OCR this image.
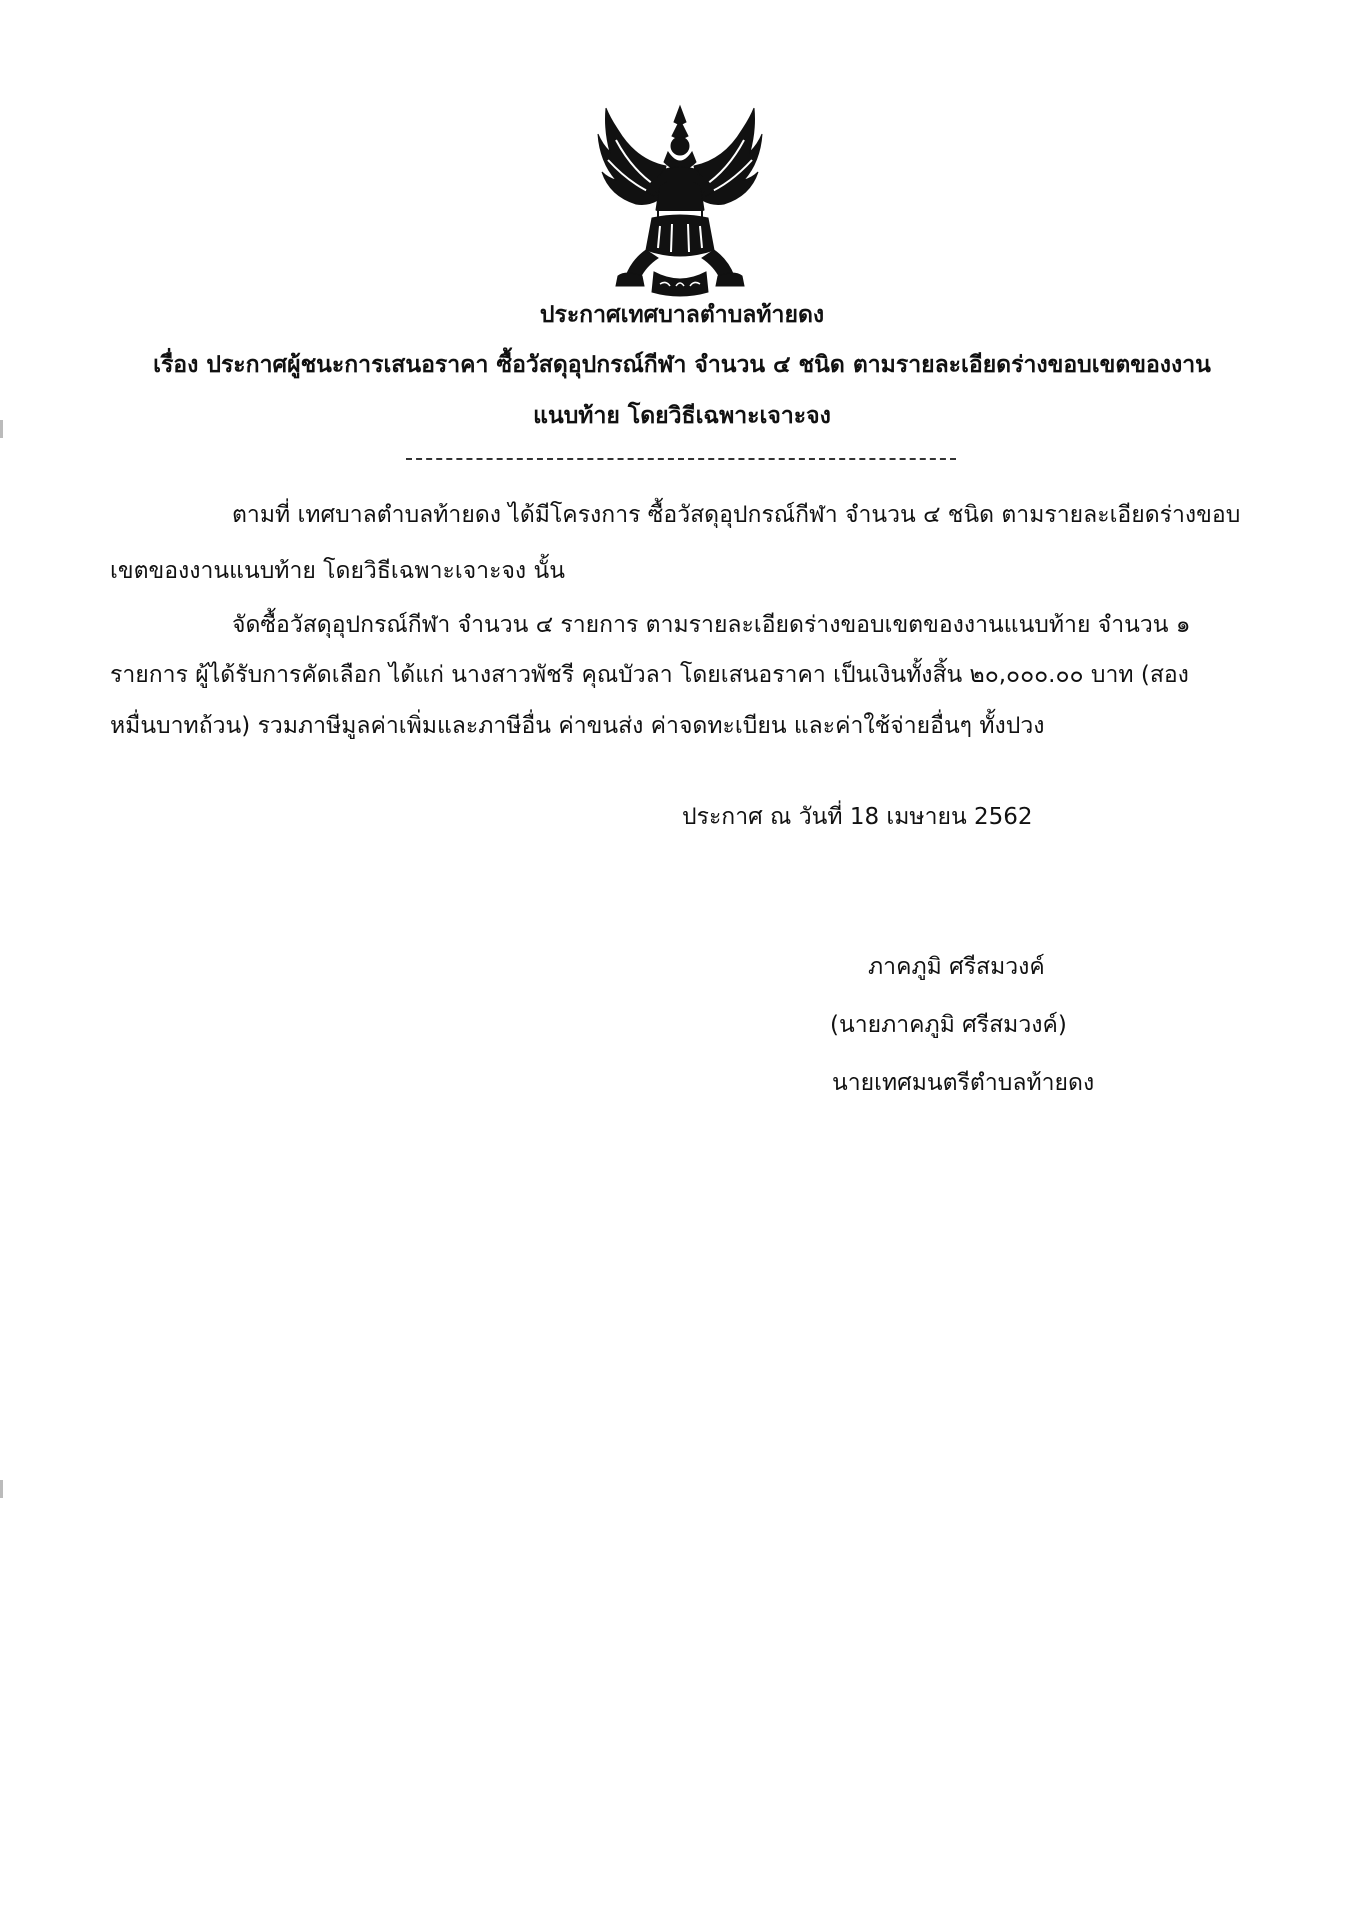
ประกาศเทศบาลตำบลท้ายดง
เรื่อง ประกาศผู้ชนะการเสนอราคา ซื้อวัสดุอุปกรณ์กีฬา จำนวน ๔ ชนิด ตามรายละเอียดร่างขอบเขตของงาน
แนบท้าย โดยวิธีเฉพาะเจาะจง
ตามที่ เทศบาลตำบลท้ายดง ได้มีโครงการ ซื้อวัสดุอุปกรณ์กีฬา จำนวน ๔ ชนิด ตามรายละเอียดร่างขอบ
เขตของงานแนบท้าย โดยวิธีเฉพาะเจาะจง นั้น
จัดซื้อวัสดุอุปกรณ์กีฬา จำนวน ๔ รายการ ตามรายละเอียดร่างขอบเขตของงานแนบท้าย จำนวน ๑
รายการ ผู้ได้รับการคัดเลือก ได้แก่ นางสาวพัชรี คุณบัวลา โดยเสนอราคา เป็นเงินทั้งสิ้น ๒๐,๐๐๐.๐๐ บาท (สอง
หมื่นบาทถ้วน) รวมภาษีมูลค่าเพิ่มและภาษีอื่น ค่าขนส่ง ค่าจดทะเบียน และค่าใช้จ่ายอื่นๆ ทั้งปวง
ประกาศ ณ วันที่ 18 เมษายน 2562
ภาคภูมิ ศรีสมวงค์
(นายภาคภูมิ ศรีสมวงค์)
นายเทศมนตรีตำบลท้ายดง
